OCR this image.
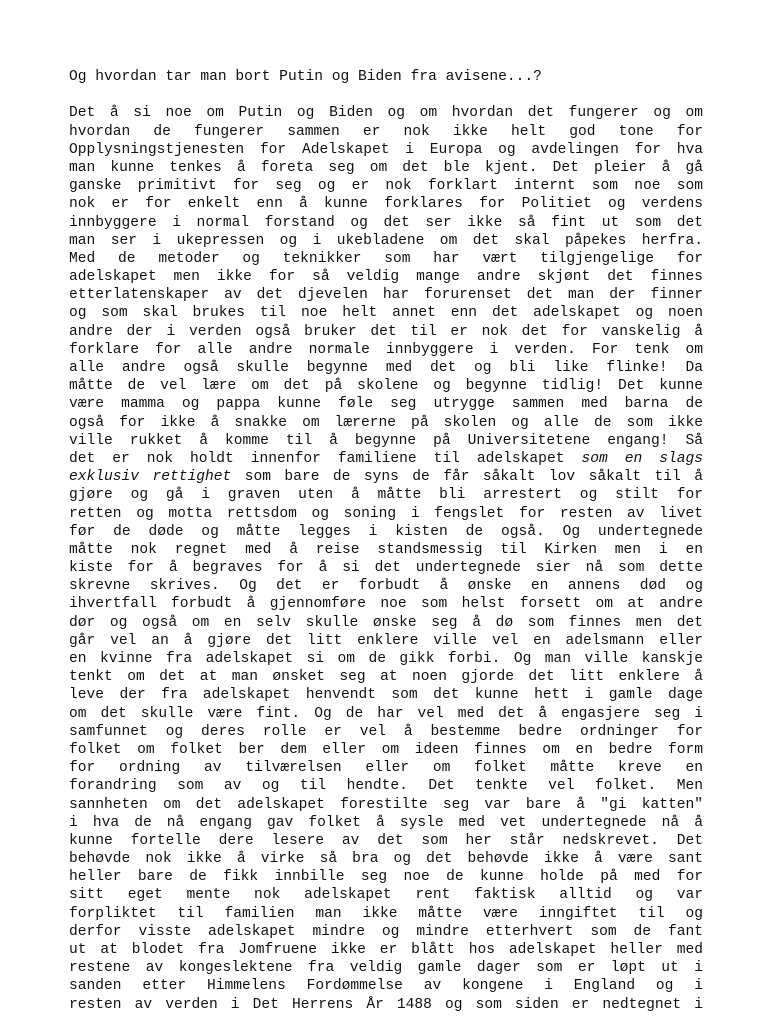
Og hvordan tar man bort Putin og Biden fra avisene...?
Det å si noe om Putin og Biden og om hvordan det fungerer og om
hvordan de fungerer sammen er nok ikke helt god tone for
Opplysningstjenesten for Adelskapet i Europa og avdelingen for hva
man kunne tenkes å foreta seg om det ble kjent. Det pleier å gå
ganske primitivt for seg og er nok forklart internt som noe som
nok er for enkelt enn å kunne forklares for Politiet og verdens
innbyggere i normal forstand og det ser ikke så fint ut som det
man ser i ukepressen og i ukebladene om det skal påpekes herfra.
Med de metoder og teknikker som har vært tilgjengelige for
adelskapet men ikke for så veldig mange andre skjønt det finnes
etterlatenskaper av det djevelen har forurenset det man der finner
og som skal brukes til noe helt annet enn det adelskapet og noen
andre der i verden også bruker det til er nok det for vanskelig å
forklare for alle andre normale innbyggere i verden. For tenk om
alle andre også skulle begynne med det og bli like flinke! Da
måtte de vel lære om det på skolene og begynne tidlig! Det kunne
være mamma og pappa kunne føle seg utrygge sammen med barna de
også for ikke å snakke om lærerne på skolen og alle de som ikke
ville rukket å komme til å begynne på Universitetene engang! Så
det er nok holdt innenfor familiene til adelskapet som en slags
exklusiv rettighet som bare de syns de får såkalt lov såkalt til å
gjøre og gå i graven uten å måtte bli arrestert og stilt for
retten og motta rettsdom og soning i fengslet for resten av livet
før de døde og måtte legges i kisten de også. Og undertegnede
måtte nok regnet med å reise standsmessig til Kirken men i en
kiste for å begraves for å si det undertegnede sier nå som dette
skrevne skrives. Og det er forbudt å ønske en annens død og
ihvertfall forbudt å gjennomføre noe som helst forsett om at andre
dør og også om en selv skulle ønske seg å dø som finnes men det
går vel an å gjøre det litt enklere ville vel en adelsmann eller
en kvinne fra adelskapet si om de gikk forbi. Og man ville kanskje
tenkt om det at man ønsket seg at noen gjorde det litt enklere å
leve der fra adelskapet henvendt som det kunne hett i gamle dage
om det skulle være fint. Og de har vel med det å engasjere seg i
samfunnet og deres rolle er vel å bestemme bedre ordninger for
folket om folket ber dem eller om ideen finnes om en bedre form
for ordning av tilværelsen eller om folket måtte kreve en
forandring som av og til hendte. Det tenkte vel folket. Men
sannheten om det adelskapet forestilte seg var bare å "gi katten"
i hva de nå engang gav folket å sysle med vet undertegnede nå å
kunne fortelle dere lesere av det som her står nedskrevet. Det
behøvde nok ikke å virke så bra og det behøvde ikke å være sant
heller bare de fikk innbille seg noe de kunne holde på med for
sitt eget mente nok adelskapet rent faktisk alltid og var
forpliktet til familien man ikke måtte være inngiftet til og
derfor visste adelskapet mindre og mindre etterhvert som de fant
ut at blodet fra Jomfruene ikke er blått hos adelskapet heller med
restene av kongeslektene fra veldig gamle dager som er løpt ut i
sanden etter Himmelens Fordømmelse av kongene i England og i
resten av verden i Det Herrens År 1488 og som siden er nedtegnet i
